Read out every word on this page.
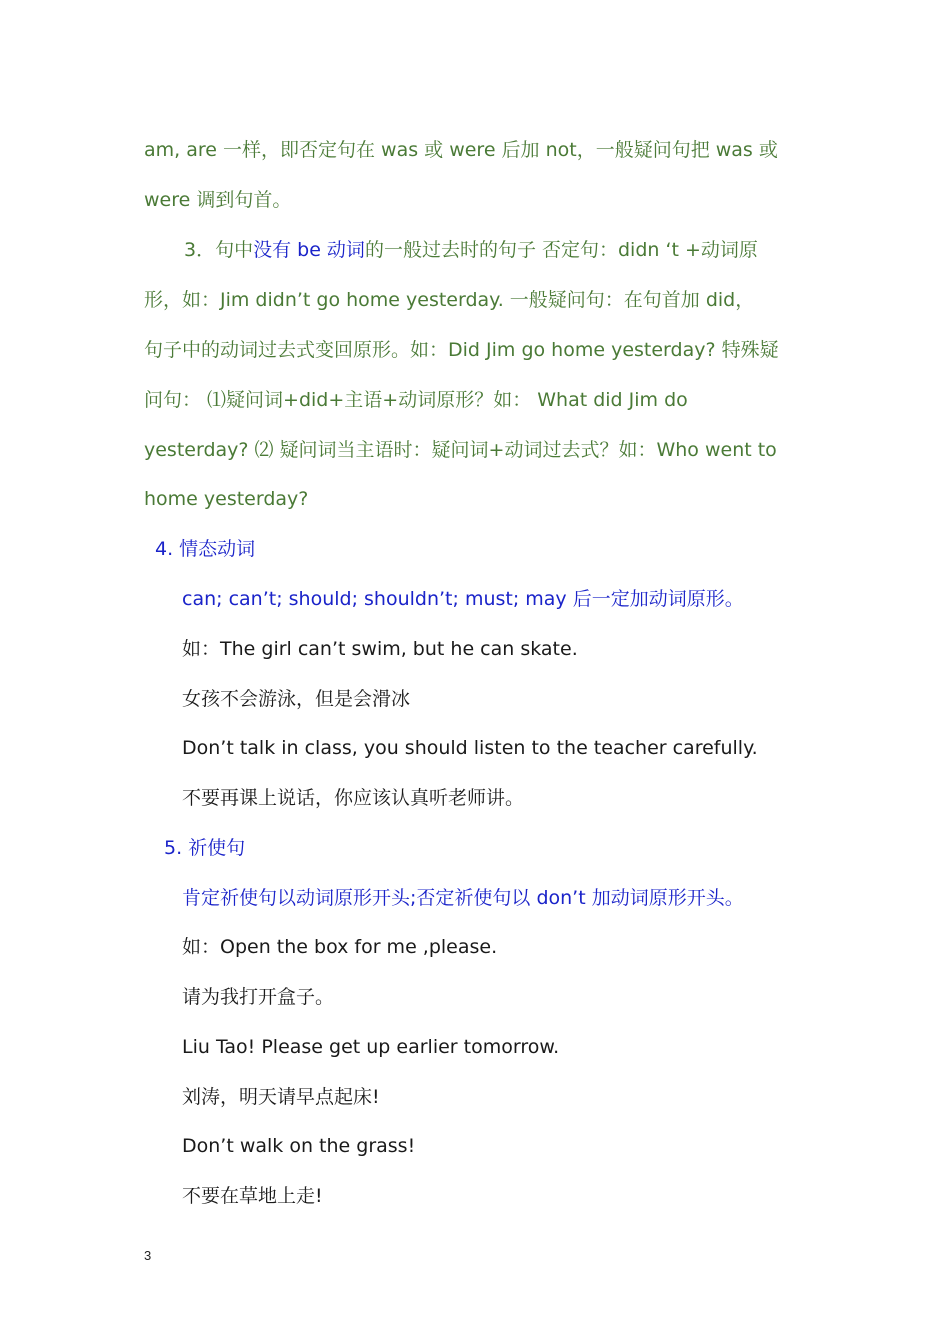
am, are 一样，即否定句在 was 或 were 后加 not，一般疑问句把 was 或
were 调到句首。
3．句中没有 be 动词的一般过去时的句子 否定句：didn ‘t +动词原
形，如：Jim didn’t go home yesterday. 一般疑问句：在句首加 did，
句子中的动词过去式变回原形。如：Did Jim go home yesterday? 特殊疑
问句： ⑴疑问词+did+主语+动词原形？如： What did Jim do
yesterday? ⑵ 疑问词当主语时：疑问词+动词过去式？如：Who went to
home yesterday?
4. 情态动词
can; can’t; should; shouldn’t; must; may 后一定加动词原形。
如：The girl can’t swim, but he can skate.
女孩不会游泳，但是会滑冰
Don’t talk in class, you should listen to the teacher carefully.
不要再课上说话，你应该认真听老师讲。
5. 祈使句
肯定祈使句以动词原形开头;否定祈使句以 don’t 加动词原形开头。
如：Open the box for me ,please.
请为我打开盒子。
Liu Tao! Please get up earlier tomorrow.
刘涛，明天请早点起床!
Don’t walk on the grass!
不要在草地上走!
3
